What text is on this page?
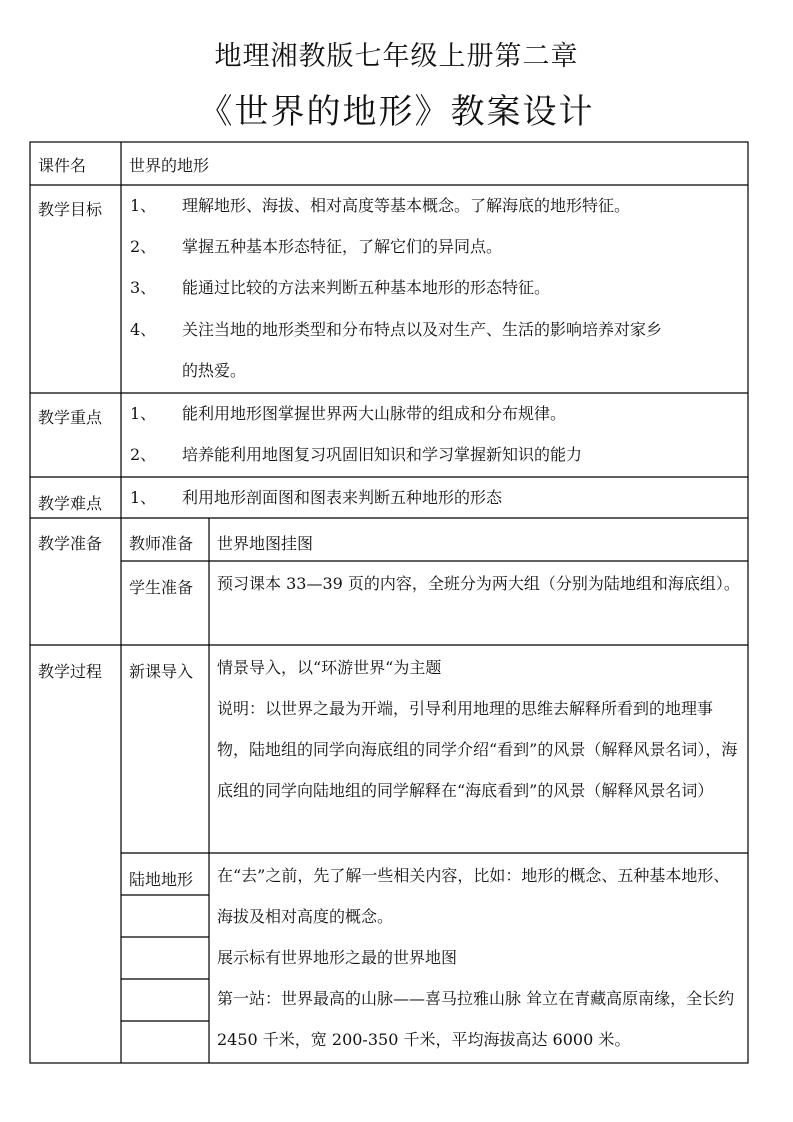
地理湘教版七年级上册第二章
《世界的地形》教案设计
课件名	世界的地形
教学目标 1、 理解地形、海拔、相对高度等基本概念。了解海底的地形特征。
2、 掌握五种基本形态特征，了解它们的异同点。
3、 能通过比较的方法来判断五种基本地形的形态特征。
4、 关注当地的地形类型和分布特点以及对生产、生活的影响培养对家乡
的热爱。
教学重点 1、 能利用地形图掌握世界两大山脉带的组成和分布规律。
2、 培养能利用地图复习巩固旧知识和学习掌握新知识的能力
教学难点 1、 利用地形剖面图和图表来判断五种地形的形态
教学准备	教师准备	世界地图挂图
学生准备 预习课本 33—39 页的内容，全班分为两大组（分别为陆地组和海底组）。
教学过程	新课导入 情景导入，以“环游世界“为主题
说明：以世界之最为开端，引导利用地理的思维去解释所看到的地理事物，陆地组的同学向海底组的同学介绍“看到”的风景（解释风景名词），海底组的同学向陆地组的同学解释在“海底看到”的风景（解释风景名词）
陆地地形 在“去”之前，先了解一些相关内容，比如：地形的概念、五种基本地形、海拔及相对高度的概念。
展示标有世界地形之最的世界地图
第一站：世界最高的山脉——喜马拉雅山脉 耸立在青藏高原南缘，全长约 2450 千米，宽 200-350 千米，平均海拔高达 6000 米。
